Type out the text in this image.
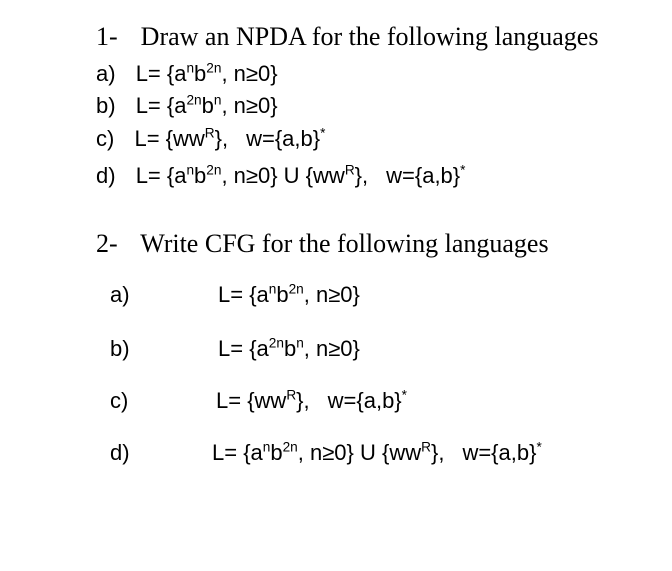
1- Draw an NPDA for the following languages
a) $L= \{a^nb^{2n}$, n≥0}
b) $L= \{a^{2n}b^n$, n≥0}
c) $L= \{ww^R\}$, w={a,b}*
d) $L= \{a^nb^{2n}$, n≥0} U $\{ww^R\}$, w={a,b}*
2- Write CFG for the following languages
a)	$L= \{a^nb^{2n}$, n≥0}
b)	$L= \{a^{2n}b^n$, n≥0}
c)	$L= \{ww^R\}$, w={a,b}*
d)	$L= \{a^nb^{2n}$, n≥0} U $\{ww^R\}$, w={a,b}*
